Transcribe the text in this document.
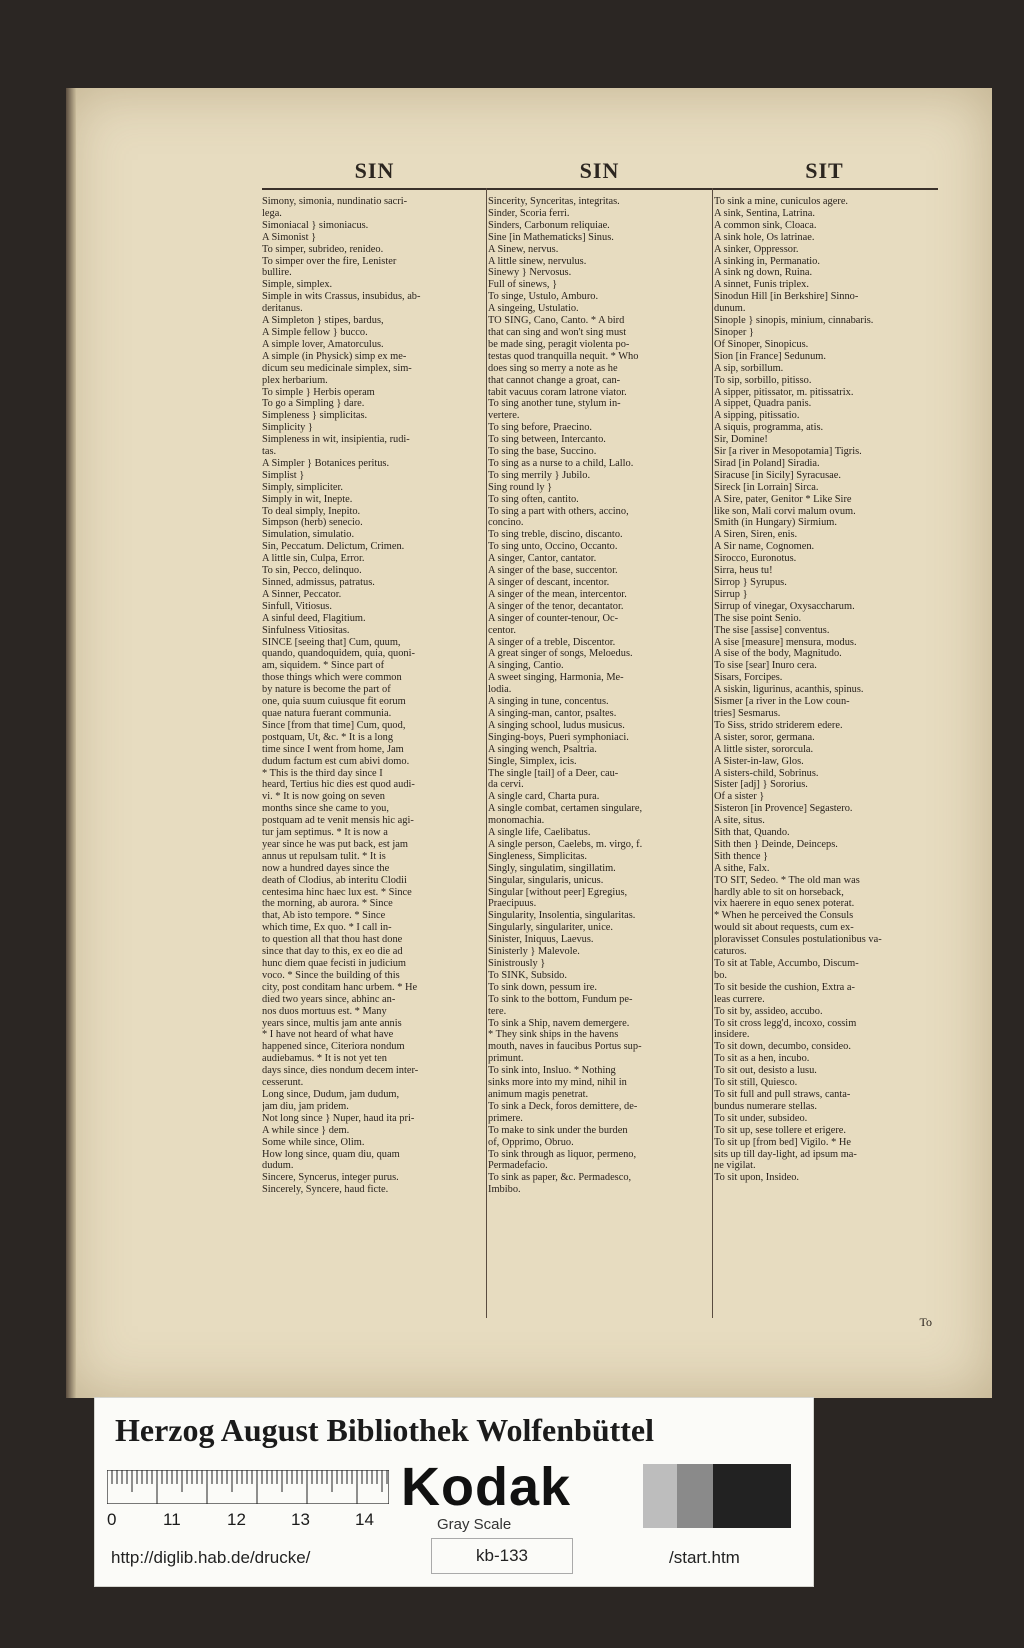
SIN	SIN	SIT
Simony, simonia, nundinatio sacri-
lega.
Simoniacal } simoniacus.
A Simonist }
To simper, subrideo, renideo.
To simper over the fire, Lenister
bullire.
Simple, simplex.
Simple in wits Crassus, insubidus, ab-
deritanus.
A Simpleton } stipes, bardus,
A Simple fellow } bucco.
A simple lover, Amatorculus.
A simple (in Physick) simp ex me-
dicum seu medicinale simplex, sim-
plex herbarium.
To simple } Herbis operam
To go a Simpling } dare.
Simpleness } simplicitas.
Simplicity }
Simpleness in wit, insipientia, rudi-
tas.
A Simpler } Botanices peritus.
Simplist }
Simply, simpliciter.
Simply in wit, Inepte.
To deal simply, Inepito.
Simpson (herb) senecio.
Simulation, simulatio.
Sin, Peccatum. Delictum, Crimen.
A little sin, Culpa, Error.
To sin, Pecco, delinquo.
Sinned, admissus, patratus.
A Sinner, Peccator.
Sinfull, Vitiosus.
A sinful deed, Flagitium.
Sinfulness Vitiositas.
SINCE [seeing that] Cum, quum,
quando, quandoquidem, quia, quoni-
am, siquidem. * Since part of
those things which were common
by nature is become the part of
one, quia suum cuiusque fit eorum
quae natura fuerant communia.
Since [from that time] Cum, quod,
postquam, Ut, &c. * It is a long
time since I went from home, Jam
dudum factum est cum abivi domo.
* This is the third day since I
heard, Tertius hic dies est quod audi-
vi. * It is now going on seven
months since she came to you,
postquam ad te venit mensis hic agi-
tur jam septimus. * It is now a
year since he was put back, est jam
annus ut repulsam tulit. * It is
now a hundred dayes since the
death of Clodius, ab interitu Clodii
centesima hinc haec lux est. * Since
the morning, ab aurora. * Since
that, Ab isto tempore. * Since
which time, Ex quo. * I call in-
to question all that thou hast done
since that day to this, ex eo die ad
hunc diem quae fecisti in judicium
voco. * Since the building of this
city, post conditam hanc urbem. * He
died two years since, abhinc an-
nos duos mortuus est. * Many
years since, multis jam ante annis
* I have not heard of what have
happened since, Citeriora nondum
audiebamus. * It is not yet ten
days since, dies nondum decem inter-
cesserunt.
Long since, Dudum, jam dudum,
jam diu, jam pridem.
Not long since } Nuper, haud ita pri-
A while since } dem.
Some while since, Olim.
How long since, quam diu, quam
dudum.
Sincere, Syncerus, integer purus.
Sincerely, Syncere, haud ficte.
Sincerity, Synceritas, integritas.
Sinder, Scoria ferri.
Sinders, Carbonum reliquiae.
Sine [in Mathematicks] Sinus.
A Sinew, nervus.
A little sinew, nervulus.
Sinewy } Nervosus.
Full of sinews, }
To singe, Ustulo, Amburo.
A singeing, Ustulatio.
TO SING, Cano, Canto. * A bird
that can sing and won't sing must
be made sing, peragit violenta po-
testas quod tranquilla nequit. * Who
does sing so merry a note as he
that cannot change a groat, can-
tabit vacuus coram latrone viator.
To sing another tune, stylum in-
vertere.
To sing before, Praecino.
To sing between, Intercanto.
To sing the base, Succino.
To sing as a nurse to a child, Lallo.
To sing merrily } Jubilo.
Sing round ly }
To sing often, cantito.
To sing a part with others, accino,
concino.
To sing treble, discino, discanto.
To sing unto, Occino, Occanto.
A singer, Cantor, cantator.
A singer of the base, succentor.
A singer of descant, incentor.
A singer of the mean, intercentor.
A singer of the tenor, decantator.
A singer of counter-tenour, Oc-
centor.
A singer of a treble, Discentor.
A great singer of songs, Meloedus.
A singing, Cantio.
A sweet singing, Harmonia, Me-
lodia.
A singing in tune, concentus.
A singing-man, cantor, psaltes.
A singing school, ludus musicus.
Singing-boys, Pueri symphoniaci.
A singing wench, Psaltria.
Single, Simplex, icis.
The single [tail] of a Deer, cau-
da cervi.
A single card, Charta pura.
A single combat, certamen singulare,
monomachia.
A single life, Caelibatus.
A single person, Caelebs, m. virgo, f.
Singleness, Simplicitas.
Singly, singulatim, singillatim.
Singular, singularis, unicus.
Singular [without peer] Egregius,
Praecipuus.
Singularity, Insolentia, singularitas.
Singularly, singulariter, unice.
Sinister, Iniquus, Laevus.
Sinisterly } Malevole.
Sinistrously }
To SINK, Subsido.
To sink down, pessum ire.
To sink to the bottom, Fundum pe-
tere.
To sink a Ship, navem demergere.
* They sink ships in the havens
mouth, naves in faucibus Portus sup-
primunt.
To sink into, Insluo. * Nothing
sinks more into my mind, nihil in
animum magis penetrat.
To sink a Deck, foros demittere, de-
primere.
To make to sink under the burden
of, Opprimo, Obruo.
To sink through as liquor, permeno,
Permadefacio.
To sink as paper, &c. Permadesco,
Imbibo.
To sink a mine, cuniculos agere.
A sink, Sentina, Latrina.
A common sink, Cloaca.
A sink hole, Os latrinae.
A sinker, Oppressor.
A sinking in, Permanatio.
A sink ng down, Ruina.
A sinnet, Funis triplex.
Sinodun Hill [in Berkshire] Sinno-
dunum.
Sinople } sinopis, minium, cinnabaris.
Sinoper }
Of Sinoper, Sinopicus.
Sion [in France] Sedunum.
A sip, sorbillum.
To sip, sorbillo, pitisso.
A sipper, pitissator, m. pitissatrix.
A sippet, Quadra panis.
A sipping, pitissatio.
A siquis, programma, atis.
Sir, Domine!
Sir [a river in Mesopotamia] Tigris.
Sirad [in Poland] Siradia.
Siracuse [in Sicily] Syracusae.
Sireck [in Lorrain] Sirca.
A Sire, pater, Genitor * Like Sire
like son, Mali corvi malum ovum.
Smith (in Hungary) Sirmium.
A Siren, Siren, enis.
A Sir name, Cognomen.
Sirocco, Euronotus.
Sirra, heus tu!
Sirrop } Syrupus.
Sirrup }
Sirrup of vinegar, Oxysaccharum.
The sise point Senio.
The sise [assise] conventus.
A sise [measure] mensura, modus.
A sise of the body, Magnitudo.
To sise [sear] Inuro cera.
Sisars, Forcipes.
A siskin, ligurinus, acanthis, spinus.
Sismer [a river in the Low coun-
tries] Sesmarus.
To Siss, strido striderem edere.
A sister, soror, germana.
A little sister, sororcula.
A Sister-in-law, Glos.
A sisters-child, Sobrinus.
Sister [adj] } Sororius.
Of a sister }
Sisteron [in Provence] Segasterо.
A site, situs.
Sith that, Quando.
Sith then } Deinde, Deinceps.
Sith thence }
A sithe, Falx.
TO SIT, Sedeo. * The old man was
hardly able to sit on horseback,
vix haerere in equo senex poterat.
* When he perceived the Consuls
would sit about requests, cum ex-
ploravisset Consules postulationibus va-
caturos.
To sit at Table, Accumbo, Discum-
bo.
To sit beside the cushion, Extra a-
leas currere.
To sit by, assideo, accubo.
To sit cross legg'd, incoxo, cossim
insidere.
To sit down, decumbo, consideo.
To sit as a hen, incubo.
To sit out, desisto a lusu.
To sit still, Quiesco.
To sit full and pull straws, canta-
bundus numerare stellas.
To sit under, subsideo.
To sit up, sese tollere et erigere.
To sit up [from bed] Vigilo. * He
sits up till day-light, ad ipsum ma-
ne vigilat.
To sit upon, Insideo.
To
Herzog August Bibliothek Wolfenbüttel
0	11	12	13	14
Kodak
Gray Scale
http://diglib.hab.de/drucke/	kb-133	/start.htm
